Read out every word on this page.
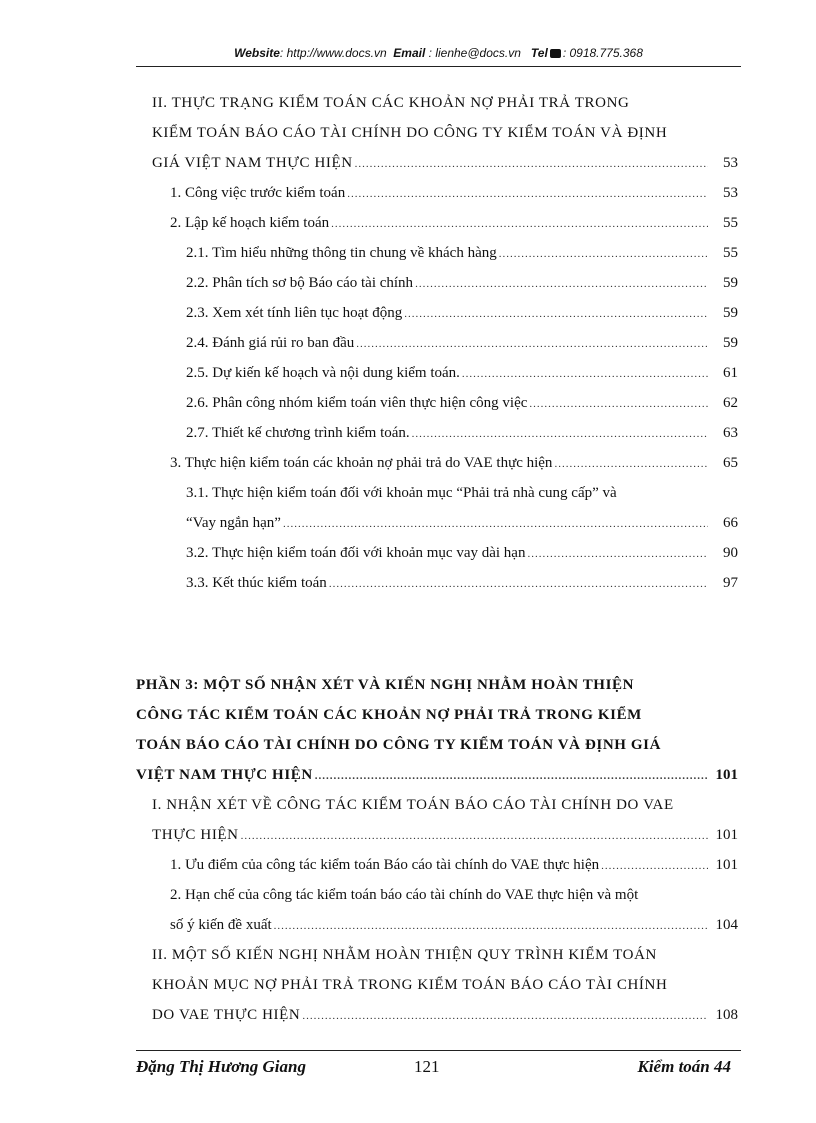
Website: http://www.docs.vn Email : lienhe@docs.vn Tel : 0918.775.368
II. THỰC TRẠNG KIỂM TOÁN CÁC KHOẢN NỢ PHẢI TRẢ TRONG
KIỂM TOÁN BÁO CÁO TÀI CHÍNH DO CÔNG TY KIỂM TOÁN VÀ ĐỊNH
GIÁ VIỆT NAM THỰC HIỆN .....	53
1. Công việc trước kiểm toán .....	53
2. Lập kế hoạch kiểm toán .....	55
2.1. Tìm hiểu những thông tin chung về khách hàng .....	55
2.2. Phân tích sơ bộ Báo cáo tài chính .....	59
2.3. Xem xét tính liên tục hoạt động .....	59
2.4. Đánh giá rủi ro ban đầu .....	59
2.5. Dự kiến kế hoạch và nội dung kiểm toán. .....	61
2.6. Phân công nhóm kiểm toán viên thực hiện công việc .....	62
2.7. Thiết kế chương trình kiểm toán. .....	63
3. Thực hiện kiểm toán các khoản nợ phải trả do VAE thực hiện .....	65
3.1. Thực hiện kiểm toán đối với khoản mục “Phải trả nhà cung cấp” và
“Vay ngắn hạn” .....	66
3.2. Thực hiện kiểm toán đối với khoản mục vay dài hạn .....	90
3.3. Kết thúc kiểm toán .....	97
PHẦN 3: MỘT SỐ NHẬN XÉT VÀ KIẾN NGHỊ NHẰM HOÀN THIỆN
CÔNG TÁC KIỂM TOÁN CÁC KHOẢN NỢ PHẢI TRẢ TRONG KIỂM
TOÁN BÁO CÁO TÀI CHÍNH DO CÔNG TY KIỂM TOÁN VÀ ĐỊNH GIÁ
VIỆT NAM THỰC HIỆN .....	101
I. NHẬN XÉT VỀ CÔNG TÁC KIỂM TOÁN BÁO CÁO TÀI CHÍNH DO VAE
THỰC HIỆN .....	101
1. Ưu điểm của công tác kiểm toán Báo cáo tài chính do VAE thực hiện .....	101
2. Hạn chế của công tác kiểm toán báo cáo tài chính do VAE thực hiện và một
số ý kiến đề xuất .....	104
II. MỘT SỐ KIẾN NGHỊ NHẰM HOÀN THIỆN QUY TRÌNH KIỂM TOÁN
KHOẢN MỤC NỢ PHẢI TRẢ TRONG KIỂM TOÁN BÁO CÁO TÀI CHÍNH
DO VAE THỰC HIỆN .....	108
Đặng Thị Hương Giang	121	Kiểm toán 44
